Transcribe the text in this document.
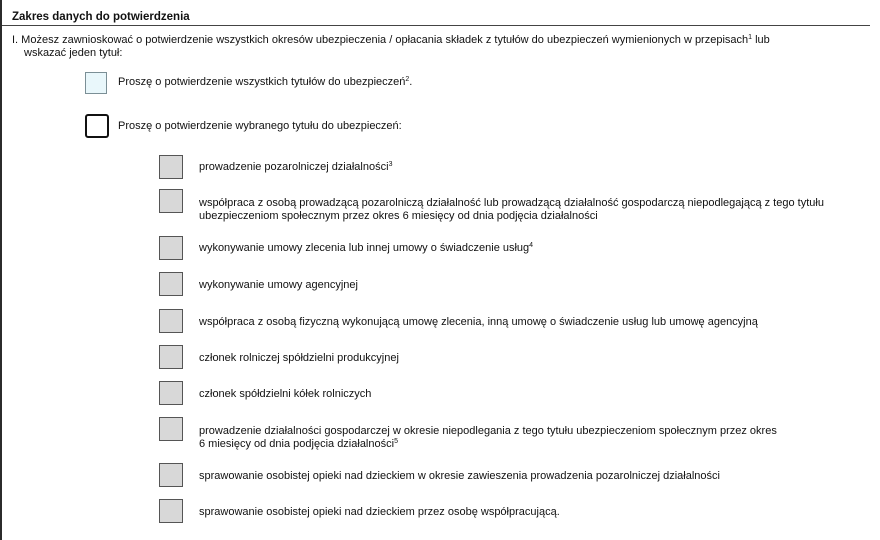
Zakres danych do potwierdzenia
I. Możesz zawnioskować o potwierdzenie wszystkich okresów ubezpieczenia / opłacania składek z tytułów do ubezpieczeń wymienionych w przepisach$^1$ lub
wskazać jeden tytuł:
Proszę o potwierdzenie wszystkich tytułów do ubezpieczeń$^2$.
Proszę o potwierdzenie wybranego tytułu do ubezpieczeń:
prowadzenie pozarolniczej działalności$^3$
współpraca z osobą prowadzącą pozarolniczą działalność lub prowadzącą działalność gospodarczą niepodlegającą z tego tytułu
ubezpieczeniom społecznym przez okres 6 miesięcy od dnia podjęcia działalności
wykonywanie umowy zlecenia lub innej umowy o świadczenie usług$^4$
wykonywanie umowy agencyjnej
współpraca z osobą fizyczną wykonującą umowę zlecenia, inną umowę o świadczenie usług lub umowę agencyjną
członek rolniczej spółdzielni produkcyjnej
członek spółdzielni kółek rolniczych
prowadzenie działalności gospodarczej w okresie niepodlegania z tego tytułu ubezpieczeniom społecznym przez okres
6 miesięcy od dnia podjęcia działalności$^5$
sprawowanie osobistej opieki nad dzieckiem w okresie zawieszenia prowadzenia pozarolniczej działalności
sprawowanie osobistej opieki nad dzieckiem przez osobę współpracującą.
